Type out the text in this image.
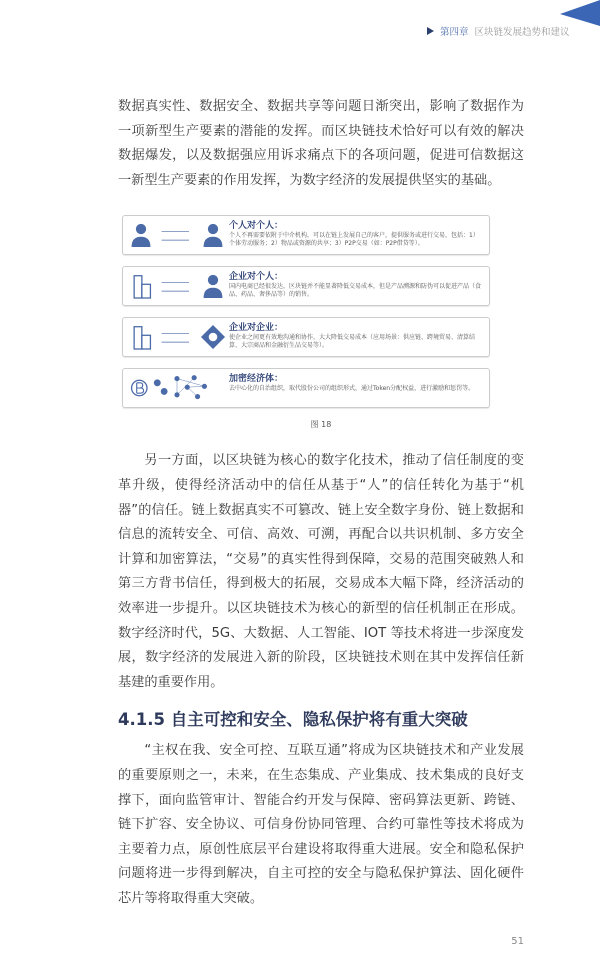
第四章 区块链发展趋势和建议

数据真实性、数据安全、数据共享等问题日渐突出，影响了数据作为一项新型生产要素的潜能的发挥。而区块链技术恰好可以有效的解决数据爆发，以及数据强应用诉求痛点下的各项问题，促进可信数据这一新型生产要素的作用发挥，为数字经济的发展提供坚实的基础。

个人对个人：
个人不再需要依附于中介机构，可以在链上发展自己的客户，提供服务或进行交易，包括：1）个体劳动服务；2）物品或资源的共享；3）P2P交易（如：P2P借贷等）。
企业对个人：
国内电商已经很发达，区块链并不能显著降低交易成本，但是产品溯源和防伪可以促进产品（食品、药品、奢侈品等）的销售。
企业对企业：
使企业之间更有效地沟通和协作，大大降低交易成本（应用场景：供应链、跨境贸易、清算结算、大宗商品和金融衍生品交易等）。
加密经济体：
去中心化的自治组织，取代股份公司的组织形式，通过Token分配权益，进行激励和惩罚等。
图 18

另一方面，以区块链为核心的数字化技术，推动了信任制度的变革升级，使得经济活动中的信任从基于“人”的信任转化为基于“机器”的信任。链上数据真实不可篡改、链上安全数字身份、链上数据和信息的流转安全、可信、高效、可溯，再配合以共识机制、多方安全计算和加密算法，“交易”的真实性得到保障，交易的范围突破熟人和第三方背书信任，得到极大的拓展，交易成本大幅下降，经济活动的效率进一步提升。以区块链技术为核心的新型的信任机制正在形成。数字经济时代，5G、大数据、人工智能、IOT 等技术将进一步深度发展，数字经济的发展进入新的阶段，区块链技术则在其中发挥信任新基建的重要作用。

4.1.5 自主可控和安全、隐私保护将有重大突破

“主权在我、安全可控、互联互通”将成为区块链技术和产业发展的重要原则之一，未来，在生态集成、产业集成、技术集成的良好支撑下，面向监管审计、智能合约开发与保障、密码算法更新、跨链、链下扩容、安全协议、可信身份协同管理、合约可靠性等技术将成为主要着力点，原创性底层平台建设将取得重大进展。安全和隐私保护问题将进一步得到解决，自主可控的安全与隐私保护算法、固化硬件芯片等将取得重大突破。

51
